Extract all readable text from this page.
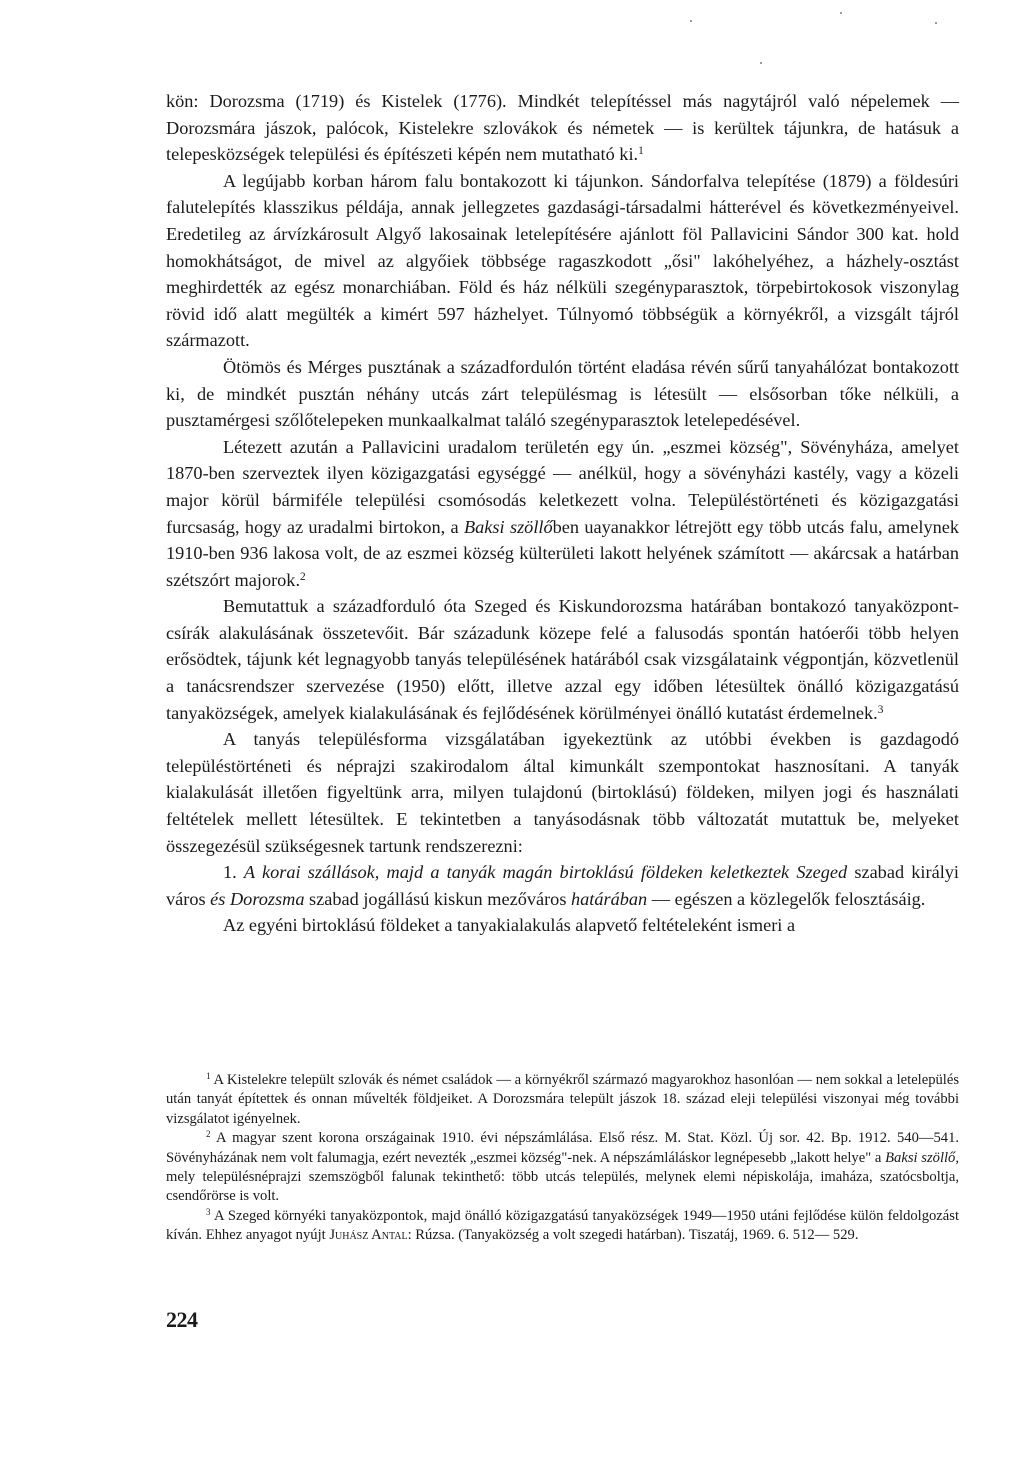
kön: Dorozsma (1719) és Kistelek (1776). Mindkét telepítéssel más nagytájról való népelemek — Dorozsmára jászok, palócok, Kistelekre szlovákok és németek — is kerültek tájunkra, de hatásuk a telepesközségek települési és építészeti képén nem mutatható ki.$^1$

A legújabb korban három falu bontakozott ki tájunkon. Sándorfalva telepítése (1879) a földesúri falutelepítés klasszikus példája, annak jellegzetes gazdasági-társadalmi hátterével és következményeivel. Eredetileg az árvízkárosult Algyő lakosainak letelepítésére ajánlott föl Pallavicini Sándor 300 kat. hold homokhátságot, de mivel az algyőiek többsége ragaszkodott „ősi" lakóhelyéhez, a házhely-osztást meghirdették az egész monarchiában. Föld és ház nélküli szegényparasztok, törpebirtokosok viszonylag rövid idő alatt megülték a kimért 597 házhelyet. Túlnyomó többségük a környékről, a vizsgált tájról származott.

Ötömös és Mérges pusztának a századfordulón történt eladása révén sűrű tanyahálózat bontakozott ki, de mindkét pusztán néhány utcás zárt településmag is létesült — elsősorban tőke nélküli, a pusztamérgesi szőlőtelepeken munkaalkalmat találó szegényparasztok letelepedésével.

Létezett azután a Pallavicini uradalom területén egy ún. „eszmei község", Sövényháza, amelyet 1870-ben szerveztek ilyen közigazgatási egységgé — anélkül, hogy a sövényházi kastély, vagy a közeli major körül bármiféle települési csomósodás keletkezett volna. Településtörténeti és közigazgatási furcsaság, hogy az uradalmi birtokon, a Baksi szöllőben uayanakkor létrejött egy több utcás falu, amelynek 1910-ben 936 lakosa volt, de az eszmei község külterületi lakott helyének számított — akárcsak a határban szétszórt majorok.$^2$

Bemutattuk a századforduló óta Szeged és Kiskundorozsma határában bontakozó tanyaközpont-csírák alakulásának összetevőit. Bár századunk közepe felé a falusodás spontán hatóerői több helyen erősödtek, tájunk két legnagyobb tanyás településének határából csak vizsgálataink végpontján, közvetlenül a tanácsrendszer szervezése (1950) előtt, illetve azzal egy időben létesültek önálló közigazgatású tanyaközségek, amelyek kialakulásának és fejlődésének körülményei önálló kutatást érdemelnek.$^3$

A tanyás településforma vizsgálatában igyekeztünk az utóbbi években is gazdagodó településtörténeti és néprajzi szakirodalom által kimunkált szempontokat hasznosítani. A tanyák kialakulását illetően figyeltünk arra, milyen tulajdonú (birtoklású) földeken, milyen jogi és használati feltételek mellett létesültek. E tekintetben a tanyásodásnak több változatát mutattuk be, melyeket összegezésül szükségesnek tartunk rendszerezni:

1. A korai szállások, majd a tanyák magán birtoklású földeken keletkeztek Szeged szabad királyi város és Dorozsma szabad jogállású kiskun mezőváros határában — egészen a közlegelők felosztásáig.

Az egyéni birtoklású földeket a tanyakialakulás alapvető feltételeként ismeri a

$^1$ A Kistelekre települt szlovák és német családok — a környékről származó magyarokhoz hasonlóan — nem sokkal a letelepülés után tanyát építettek és onnan művelték földjeiket. A Dorozsmára települt jászok 18. század eleji települési viszonyai még további vizsgálatot igényelnek.

$^2$ A magyar szent korona országainak 1910. évi népszámlálása. Első rész. M. Stat. Közl. Új sor. 42. Bp. 1912. 540—541. Sövényházának nem volt falumagja, ezért nevezték „eszmei község"-nek. A népszámláláskor legnépesebb „lakott helye" a Baksi szöllő, mely településnéprajzi szemszögből falunak tekinthető: több utcás település, melynek elemi népiskolája, imaháza, szatócsboltja, csendőrörse is volt.

$^3$ A Szeged környéki tanyaközpontok, majd önálló közigazgatású tanyaközségek 1949—1950 utáni fejlődése külön feldolgozást kíván. Ehhez anyagot nyújt Juhász Antal: Rúzsa. (Tanyaközség a volt szegedi határban). Tiszatáj, 1969. 6. 512— 529.

224
